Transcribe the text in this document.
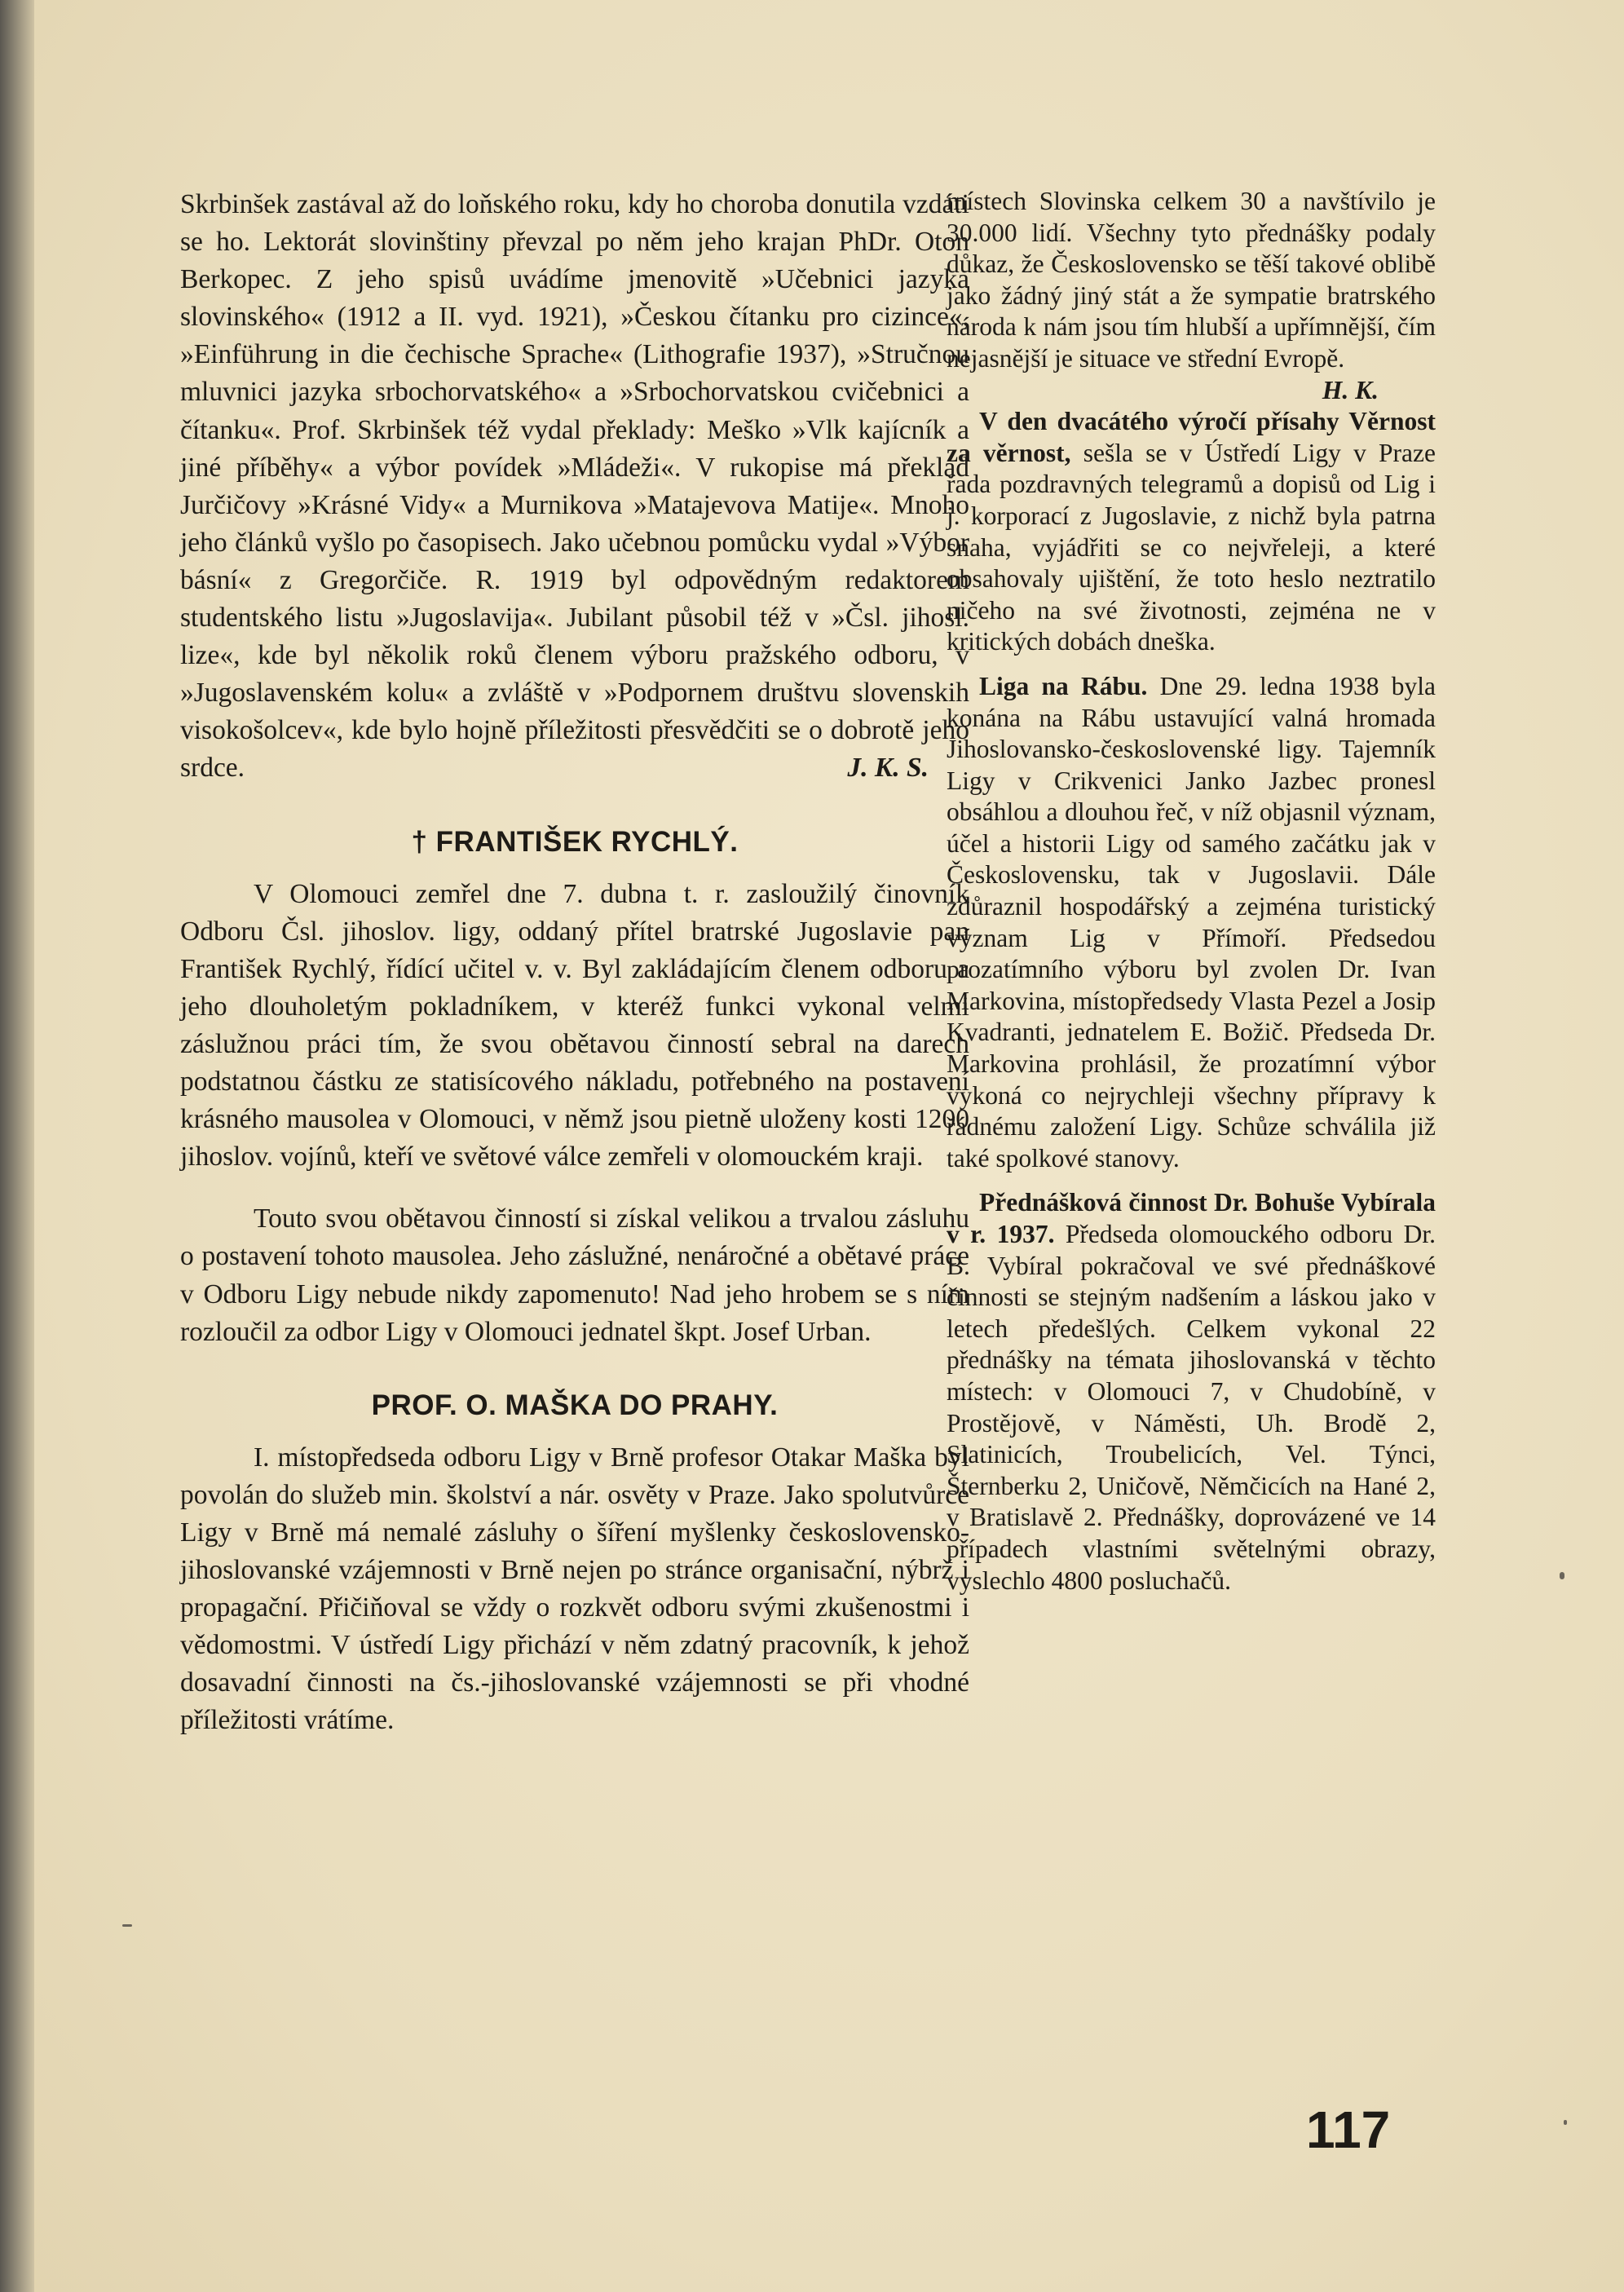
Skrbinšek zastával až do loňského roku, kdy ho choroba donutila vzdáti se ho. Lektorát slovinštiny převzal po něm jeho krajan PhDr. Oton Berkopec. Z jeho spisů uvádíme jmenovitě »Učebnici jazyka slovinského« (1912 a II. vyd. 1921), »Českou čítanku pro cizince«, »Einführung in die čechische Sprache« (Lithografie 1937), »Stručnou mluvnici jazyka srbochorvatského« a »Srbochorvatskou cvičebnici a čítanku«. Prof. Skrbinšek též vydal překlady: Meško »Vlk kajícník a jiné příběhy« a výbor povídek »Mládeži«. V rukopise má překlad Jurčičovy »Krásné Vidy« a Murnikova »Matajevova Matije«. Mnoho jeho článků vyšlo po časopisech. Jako učebnou pomůcku vydal »Výbor básní« z Gregorčiče. R. 1919 byl odpovědným redaktorem studentského listu »Jugoslavija«. Jubilant působil též v »Čsl. jihosl. lize«, kde byl několik roků členem výboru pražského odboru, v »Jugoslavenském kolu« a zvláště v »Podpornem društvu slovenskih visokošolcev«, kde bylo hojně příležitosti přesvědčiti se o dobrotě jeho srdce.	J. K. S.

† FRANTIŠEK RYCHLÝ.

V Olomouci zemřel dne 7. dubna t. r. zasloužilý činovník Odboru Čsl. jihoslov. ligy, oddaný přítel bratrské Jugoslavie pan František Rychlý, řídící učitel v. v. Byl zakládajícím členem odboru a jeho dlouholetým pokladníkem, v kteréž funkci vykonal velmi záslužnou práci tím, že svou obětavou činností sebral na darech podstatnou částku ze statisícového nákladu, potřebného na postavení krásného mausolea v Olomouci, v němž jsou pietně uloženy kosti 1200 jihoslov. vojínů, kteří ve světové válce zemřeli v olomouckém kraji.

Touto svou obětavou činností si získal velikou a trvalou zásluhu o postavení tohoto mausolea. Jeho záslužné, nenáročné a obětavé práce v Odboru Ligy nebude nikdy zapomenuto! Nad jeho hrobem se s ním rozloučil za odbor Ligy v Olomouci jednatel škpt. Josef Urban.

PROF. O. MAŠKA DO PRAHY.

I. místopředseda odboru Ligy v Brně profesor Otakar Maška byl povolán do služeb min. školství a nár. osvěty v Praze. Jako spolutvůrce Ligy v Brně má nemalé zásluhy o šíření myšlenky československo-jihoslovanské vzájemnosti v Brně nejen po stránce organisační, nýbrž i propagační. Přičiňoval se vždy o rozkvět odboru svými zkušenostmi i vědomostmi. V ústředí Ligy přichází v něm zdatný pracovník, k jehož dosavadní činnosti na čs.-jihoslovanské vzájemnosti se při vhodné příležitosti vrátíme.

místech Slovinska celkem 30 a navštívilo je 30.000 lidí. Všechny tyto přednášky podaly důkaz, že Československo se těší takové oblibě jako žádný jiný stát a že sympatie bratrského národa k nám jsou tím hlubší a upřímnější, čím nejasnější je situace ve střední Evropě.

H. K.

V den dvacátého výročí přísahy Věrnost za věrnost, sešla se v Ústředí Ligy v Praze řada pozdravných telegramů a dopisů od Lig i j. korporací z Jugoslavie, z nichž byla patrna snaha, vyjádřiti se co nejvřeleji, a které obsahovaly ujištění, že toto heslo neztratilo ničeho na své životnosti, zejména ne v kritických dobách dneška.

Liga na Rábu. Dne 29. ledna 1938 byla konána na Rábu ustavující valná hromada Jihoslovansko-československé ligy. Tajemník Ligy v Crikvenici Janko Jazbec pronesl obsáhlou a dlouhou řeč, v níž objasnil význam, účel a historii Ligy od samého začátku jak v Československu, tak v Jugoslavii. Dále zdůraznil hospodářský a zejména turistický význam Lig v Přímoří. Předsedou prozatímního výboru byl zvolen Dr. Ivan Markovina, místopředsedy Vlasta Pezel a Josip Kvadranti, jednatelem E. Božič. Předseda Dr. Markovina prohlásil, že prozatímní výbor vykoná co nejrychleji všechny přípravy k řádnému založení Ligy. Schůze schválila již také spolkové stanovy.

Přednášková činnost Dr. Bohuše Vybírala v r. 1937. Předseda olomouckého odboru Dr. B. Vybíral pokračoval ve své přednáškové činnosti se stejným nadšením a láskou jako v letech předešlých. Celkem vykonal 22 přednášky na témata jihoslovanská v těchto místech: v Olomouci 7, v Chudobíně, v Prostějově, v Náměsti, Uh. Brodě 2, Slatinicích, Troubelicích, Vel. Týnci, Šternberku 2, Uničově, Němčicích na Hané 2, v Bratislavě 2. Přednášky, doprovázené ve 14 případech vlastními světelnými obrazy, vyslechlo 4800 posluchačů.

117
